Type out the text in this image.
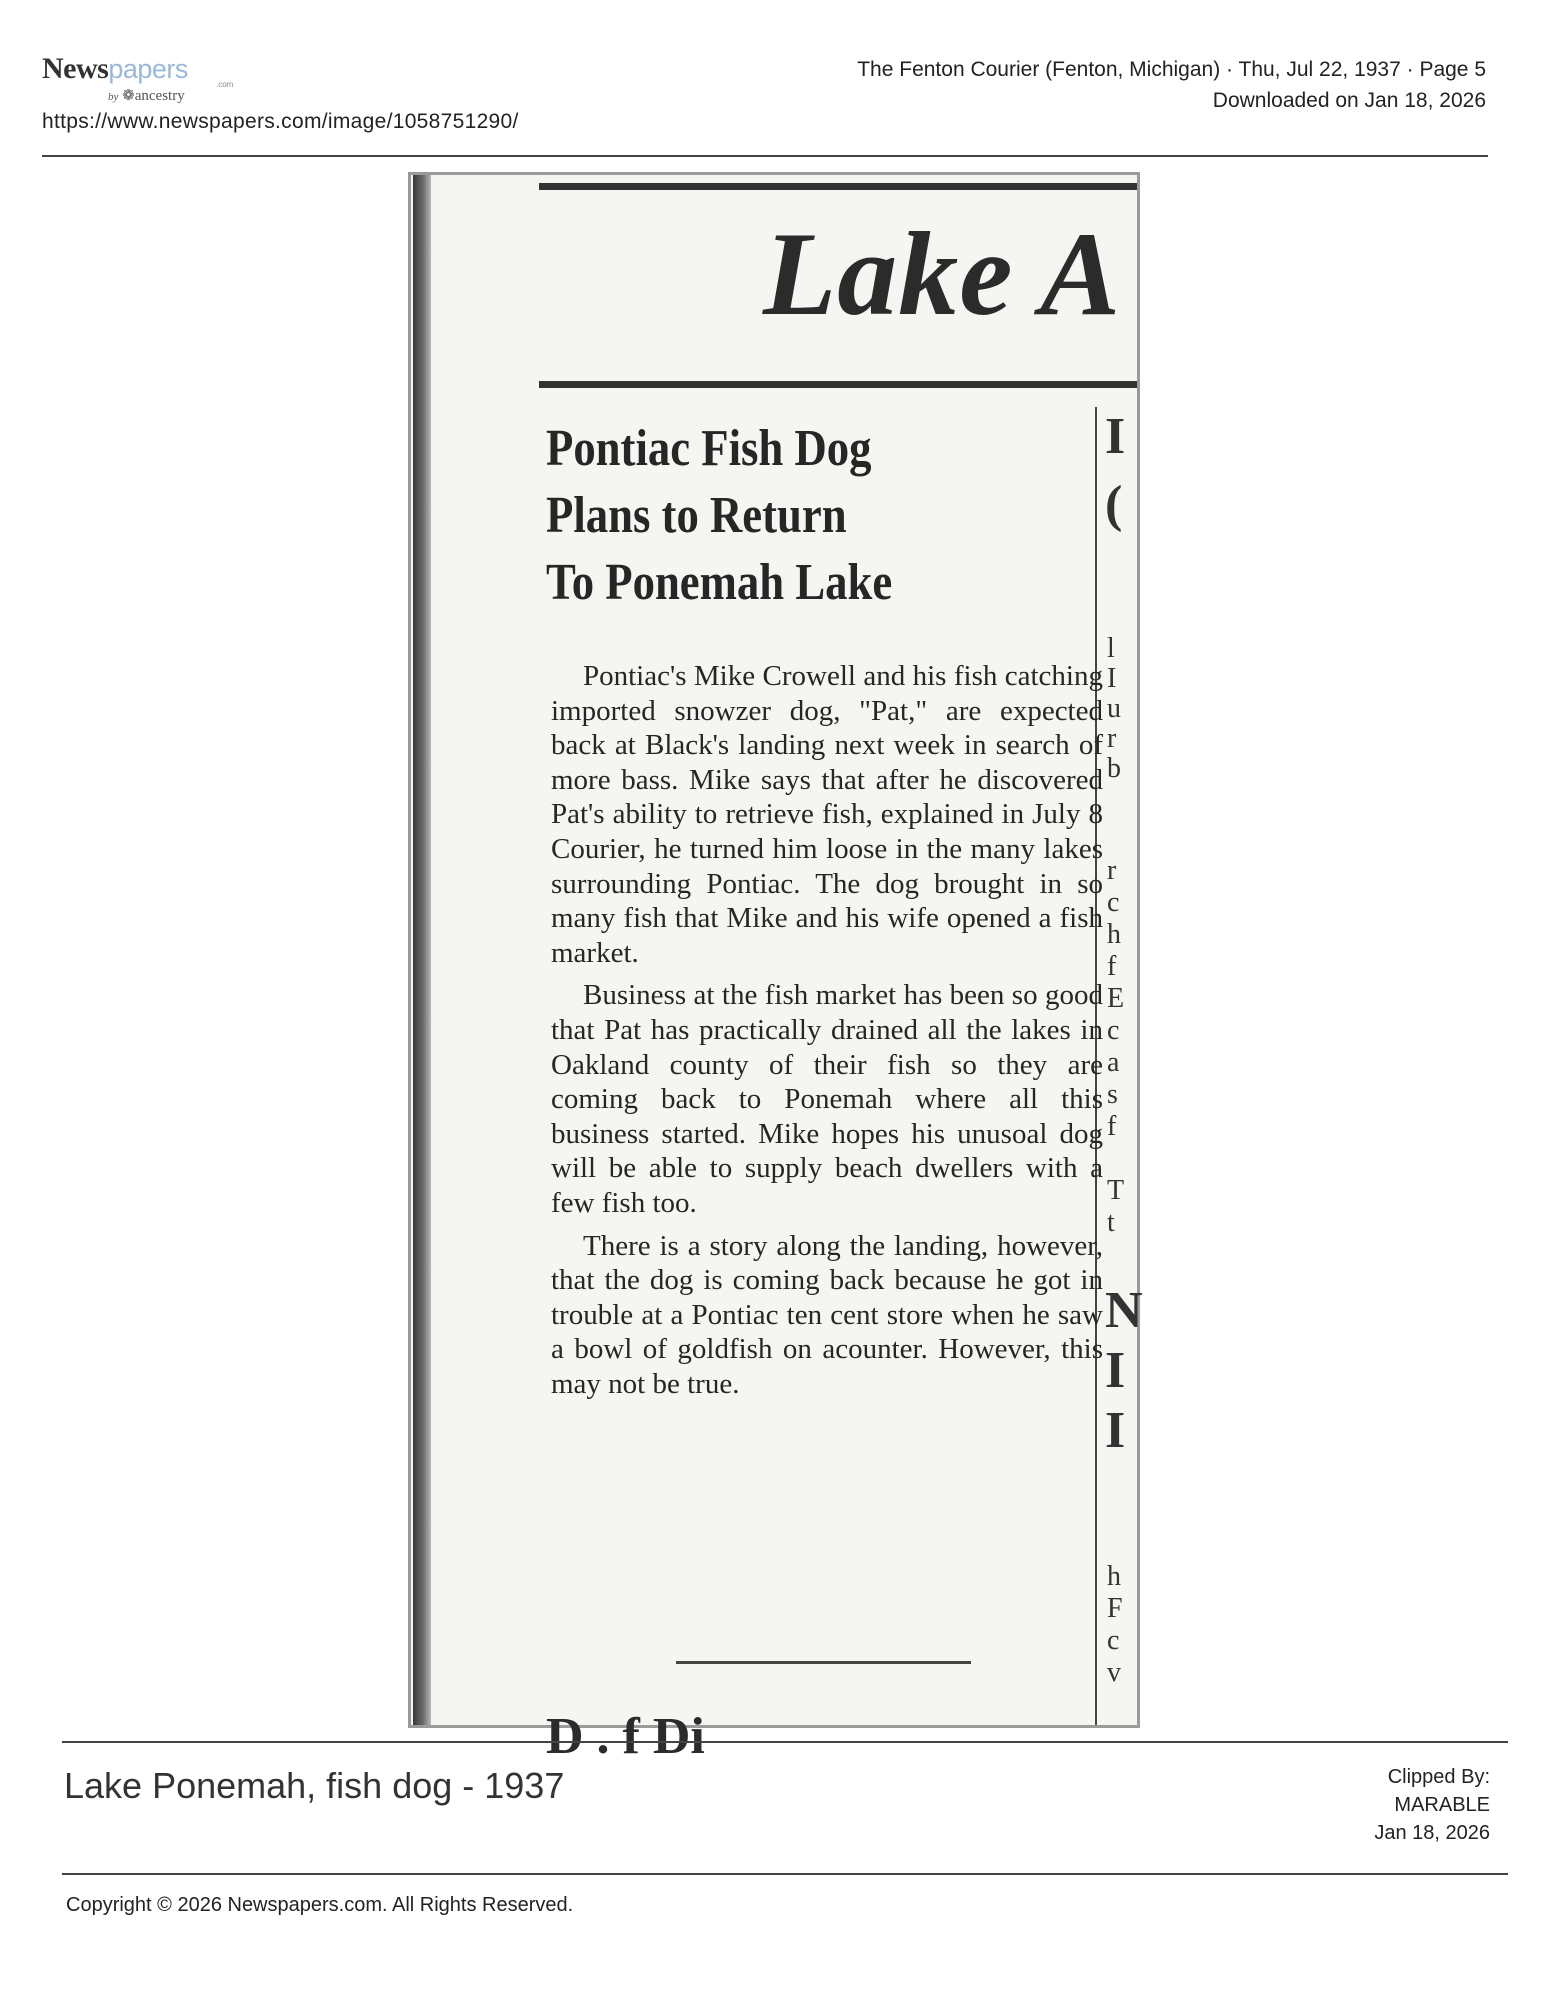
Newspapers
.com
by ❁ancestry
https://www.newspapers.com/image/1058751290/
The Fenton Courier (Fenton, Michigan) · Thu, Jul 22, 1937 · Page 5
Downloaded on Jan 18, 2026
Lake A
Pontiac Fish Dog
Plans to Return
To Ponemah Lake

Pontiac's Mike Crowell and his fish catching imported snowzer dog, "Pat," are expected back at Black's landing next week in search of more bass. Mike says that after he discovered Pat's ability to retrieve fish, explained in July 8 Courier, he turned him loose in the many lakes surrounding Pontiac. The dog brought in so many fish that Mike and his wife opened a fish market.

Business at the fish market has been so good that Pat has practically drained all the lakes in Oakland county of their fish so they are coming back to Ponemah where all this business started. Mike hopes his unusoal dog will be able to supply beach dwellers with a few fish too.

There is a story along the landing, however, that the dog is coming back because he got in trouble at a Pontiac ten cent store when he saw a bowl of goldfish on acounter. However, this may not be true.

D . f Di
I
(
l
I
u
r
b
r
c
h
f
E
c
a
s
f
T
t
N
I
I
h
F
c
v
Lake Ponemah, fish dog - 1937	Clipped By:
MARABLE
Jan 18, 2026
Copyright © 2026 Newspapers.com. All Rights Reserved.
